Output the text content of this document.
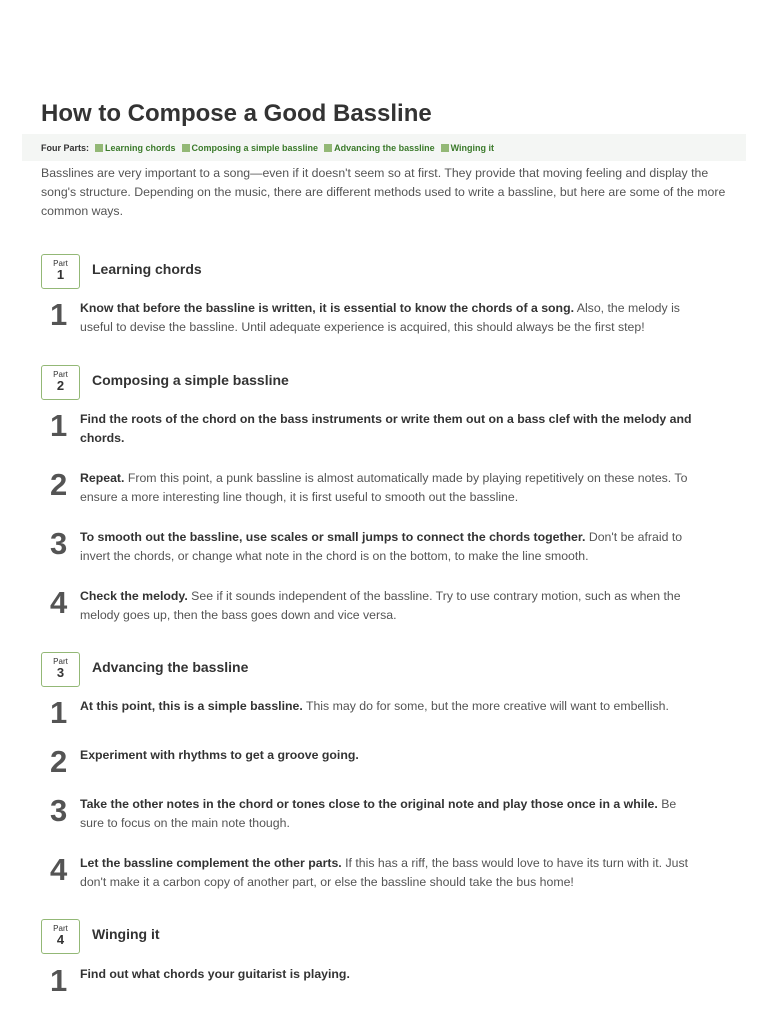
How to Compose a Good Bassline
Four Parts: Learning chords Composing a simple bassline Advancing the bassline Winging it

Basslines are very important to a song—even if it doesn't seem so at first. They provide that moving feeling and display the song's structure. Depending on the music, there are different methods used to write a bassline, but here are some of the more common ways.

Part
1	Learning chords
1 Know that before the bassline is written, it is essential to know the chords of a song. Also, the melody is useful to devise the bassline. Until adequate experience is acquired, this should always be the first step!
Part
2	Composing a simple bassline
1 Find the roots of the chord on the bass instruments or write them out on a bass clef with the melody and chords.
2 Repeat. From this point, a punk bassline is almost automatically made by playing repetitively on these notes. To ensure a more interesting line though, it is first useful to smooth out the bassline.
3 To smooth out the bassline, use scales or small jumps to connect the chords together. Don't be afraid to invert the chords, or change what note in the chord is on the bottom, to make the line smooth.
4 Check the melody. See if it sounds independent of the bassline. Try to use contrary motion, such as when the melody goes up, then the bass goes down and vice versa.
Part
3	Advancing the bassline
1 At this point, this is a simple bassline. This may do for some, but the more creative will want to embellish.
2 Experiment with rhythms to get a groove going.
3 Take the other notes in the chord or tones close to the original note and play those once in a while. Be sure to focus on the main note though.
4 Let the bassline complement the other parts. If this has a riff, the bass would love to have its turn with it. Just don't make it a carbon copy of another part, or else the bassline should take the bus home!
Part
4	Winging it
1 Find out what chords your guitarist is playing.
